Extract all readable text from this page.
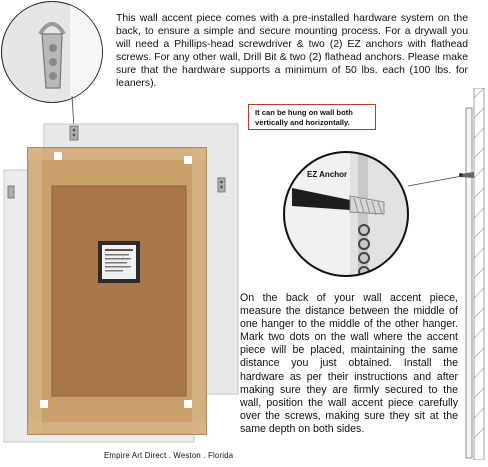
This wall accent piece comes with a pre-installed hardware system on the back, to ensure a simple and secure mounting process. For a drywall you will need a Phillips-head screwdriver & two (2) EZ anchors with flathead screws. For any other wall, Drill Bit & two (2) flathead anchors. Please make sure that the hardware supports a minimum of 50 lbs. each (100 lbs. for leaners).
It can be hung on wall both vertically and horizontally.
EZ Anchor
On the back of your wall accent piece, measure the distance between the middle of one hanger to the middle of the other hanger. Mark two dots on the wall where the accent piece will be placed, maintaining the same distance you just obtained. Install the hardware as per their instructions and after making sure they are firmly secured to the wall, position the wall accent piece carefully over the screws, making sure they sit at the same depth on both sides.
Empire Art Direct . Weston . Florida
